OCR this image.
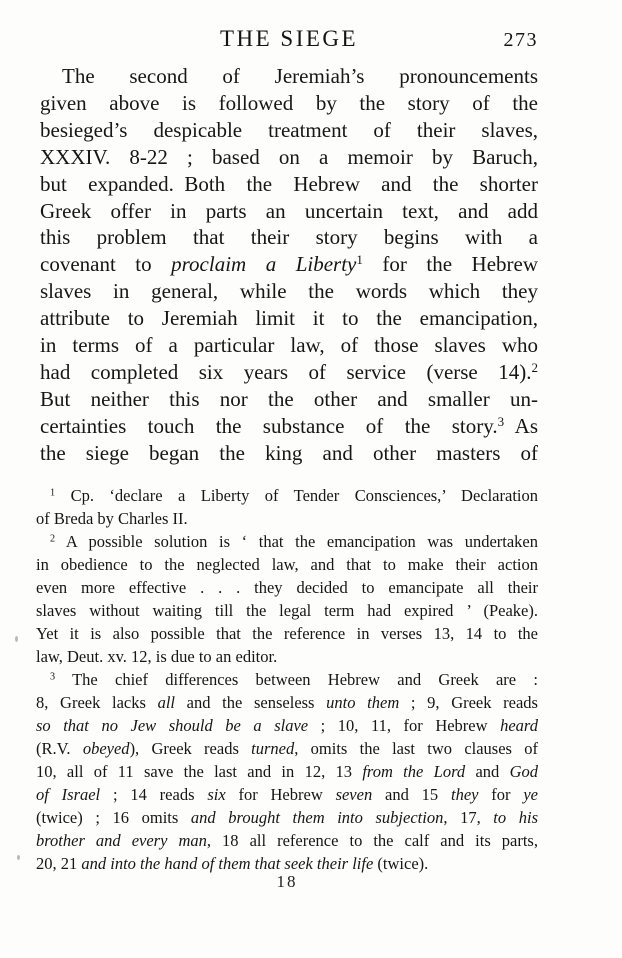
THE SIEGE	273
The second of Jeremiah’s pronouncements
given above is followed by the story of the
besieged’s despicable treatment of their slaves,
XXXIV. 8-22 ; based on a memoir by Baruch,
but expanded. Both the Hebrew and the shorter
Greek offer in parts an uncertain text, and add
this problem that their story begins with a
covenant to proclaim a Liberty$^1$ for the Hebrew
slaves in general, while the words which they
attribute to Jeremiah limit it to the emancipation,
in terms of a particular law, of those slaves who
had completed six years of service (verse 14).$^2$
But neither this nor the other and smaller un-
certainties touch the substance of the story.$^3$ As
the siege began the king and other masters of
$^1$ Cp. ‘declare a Liberty of Tender Consciences,’ Declaration
of Breda by Charles II.
$^2$ A possible solution is ‘ that the emancipation was undertaken
in obedience to the neglected law, and that to make their action
even more effective . . . they decided to emancipate all their
slaves without waiting till the legal term had expired ’ (Peake).
Yet it is also possible that the reference in verses 13, 14 to the
law, Deut. xv. 12, is due to an editor.
$^3$ The chief differences between Hebrew and Greek are :
8, Greek lacks all and the senseless unto them ; 9, Greek reads
so that no Jew should be a slave ; 10, 11, for Hebrew heard
(R.V. obeyed), Greek reads turned, omits the last two clauses of
10, all of 11 save the last and in 12, 13 from the Lord and God
of Israel ; 14 reads six for Hebrew seven and 15 they for ye
(twice) ; 16 omits and brought them into subjection, 17, to his
brother and every man, 18 all reference to the calf and its parts,
20, 21 and into the hand of them that seek their life (twice).
18
